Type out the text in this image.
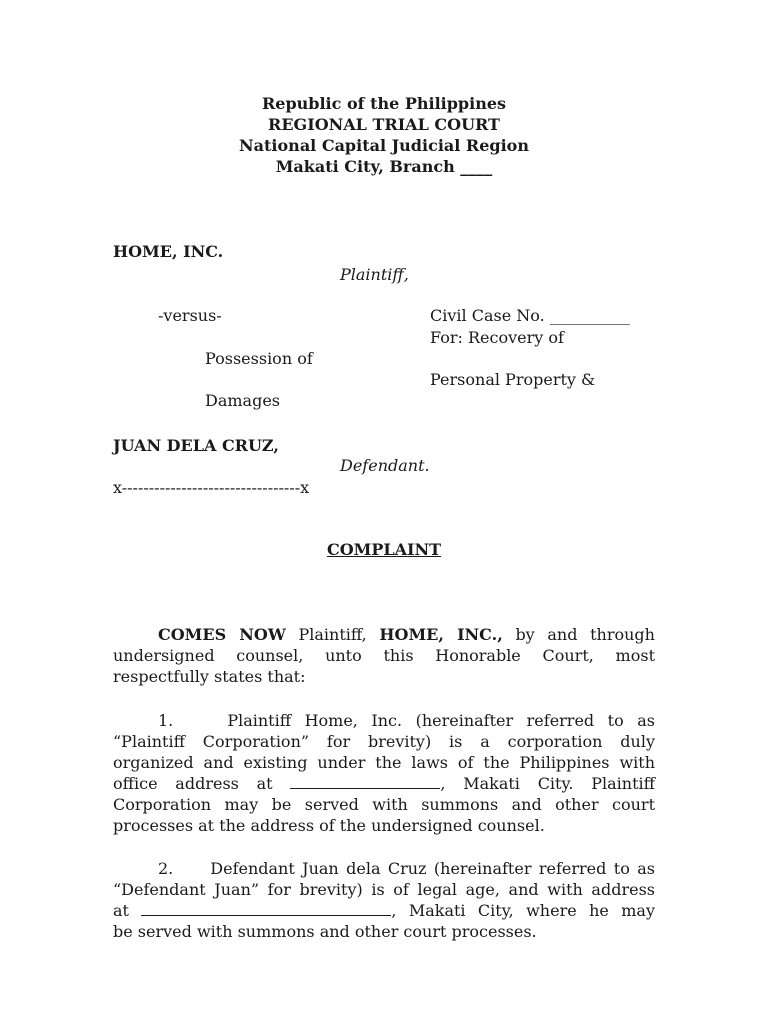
Republic of the Philippines
REGIONAL TRIAL COURT
National Capital Judicial Region
Makati City, Branch ____
HOME, INC.
Plaintiff,
-versus-	Civil Case No. __________
For: Recovery of
Possession of
Personal Property &
Damages
JUAN DELA CRUZ,
Defendant.
x---------------------------------x
COMPLAINT
COMES NOW Plaintiff, HOME, INC., by and through
undersigned counsel, unto this Honorable Court, most
respectfully states that:
1.	Plaintiff Home, Inc. (hereinafter referred to as
“Plaintiff Corporation” for brevity) is a corporation duly
organized and existing under the laws of the Philippines with
office address at	, Makati City. Plaintiff
Corporation may be served with summons and other court
processes at the address of the undersigned counsel.
2. Defendant Juan dela Cruz (hereinafter referred to as
“Defendant Juan” for brevity) is of legal age, and with address
at	, Makati City, where he may
be served with summons and other court processes.
